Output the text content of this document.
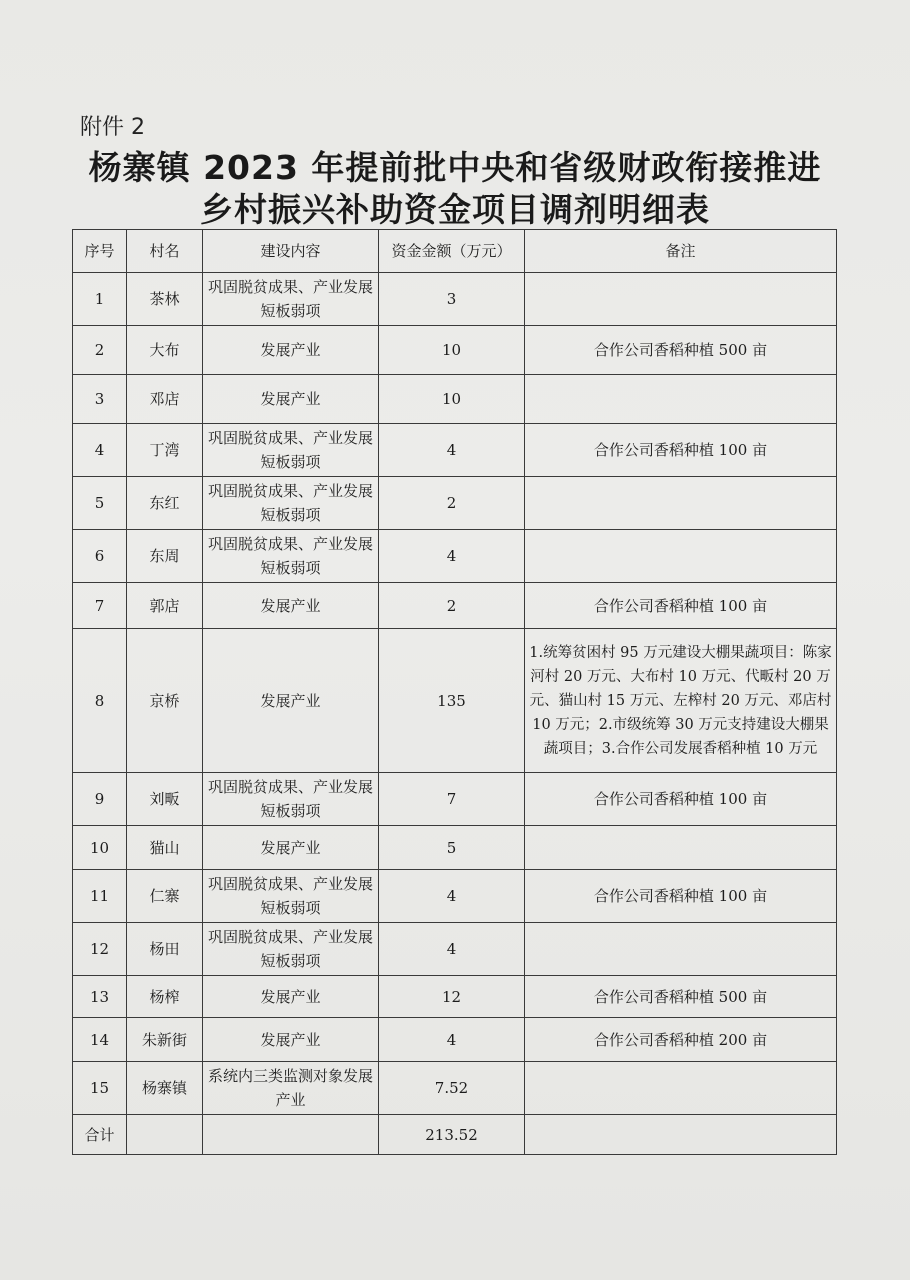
附件 2
杨寨镇 2023 年提前批中央和省级财政衔接推进
乡村振兴补助资金项目调剂明细表
序号	村名	建设内容	资金金额（万元）	备注
1	茶林	巩固脱贫成果、产业发展短板弱项	3	
2	大布	发展产业	10	合作公司香稻种植 500 亩
3	邓店	发展产业	10	
4	丁湾	巩固脱贫成果、产业发展短板弱项	4	合作公司香稻种植 100 亩
5	东红	巩固脱贫成果、产业发展短板弱项	2	
6	东周	巩固脱贫成果、产业发展短板弱项	4	
7	郭店	发展产业	2	合作公司香稻种植 100 亩
8	京桥	发展产业	135	1.统筹贫困村 95 万元建设大棚果蔬项目：陈家河村 20 万元、大布村 10 万元、代畈村 20 万元、猫山村 15 万元、左榨村 20 万元、邓店村 10 万元；2.市级统筹 30 万元支持建设大棚果蔬项目；3.合作公司发展香稻种植 10 万元
9	刘畈	巩固脱贫成果、产业发展短板弱项	7	合作公司香稻种植 100 亩
10	猫山	发展产业	5	
11	仁寨	巩固脱贫成果、产业发展短板弱项	4	合作公司香稻种植 100 亩
12	杨田	巩固脱贫成果、产业发展短板弱项	4	
13	杨榨	发展产业	12	合作公司香稻种植 500 亩
14	朱新街	发展产业	4	合作公司香稻种植 200 亩
15	杨寨镇	系统内三类监测对象发展产业	7.52	
合计			213.52	
